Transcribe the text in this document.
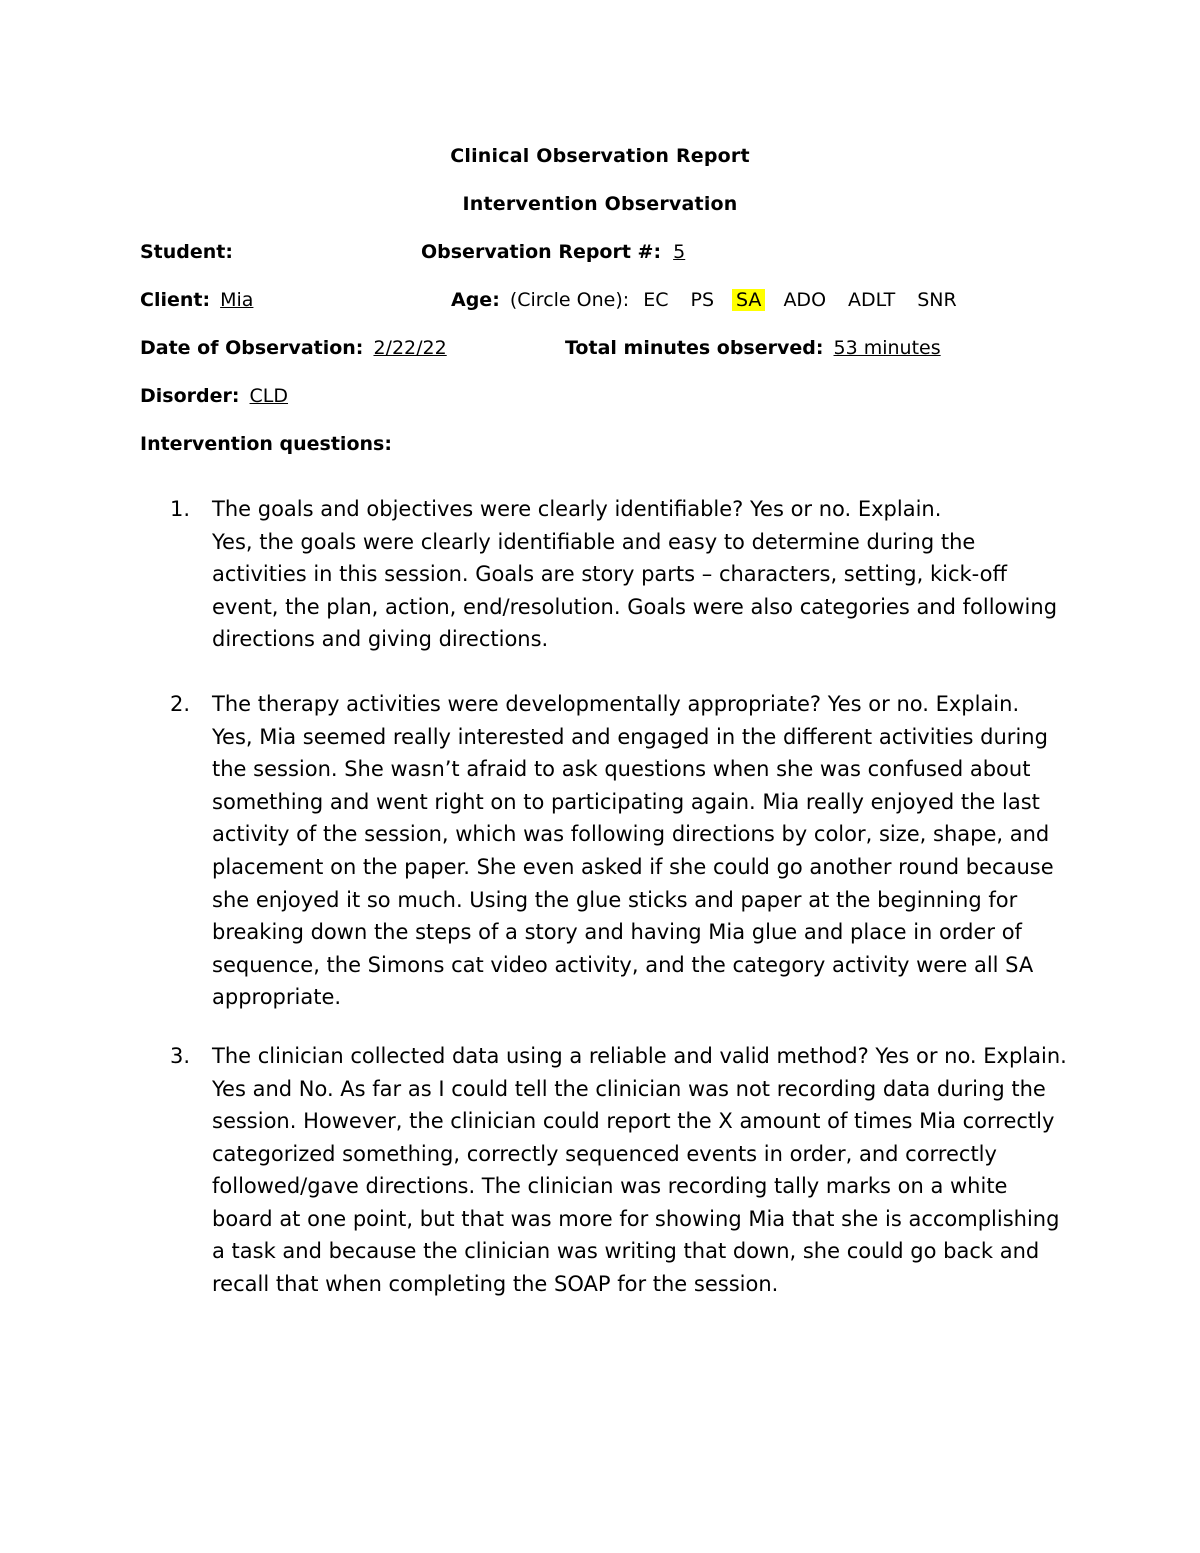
Clinical Observation Report
Intervention Observation
Student:	Observation Report #: 5
Client: Mia	Age: (Circle One): EC PS SA ADO ADLT SNR
Date of Observation: 2/22/22	Total minutes observed: 53 minutes
Disorder: CLD
Intervention questions:
1. The goals and objectives were clearly identifiable? Yes or no. Explain.
Yes, the goals were clearly identifiable and easy to determine during the activities in this session. Goals are story parts – characters, setting, kick-off event, the plan, action, end/resolution. Goals were also categories and following directions and giving directions.
2. The therapy activities were developmentally appropriate? Yes or no. Explain.
Yes, Mia seemed really interested and engaged in the different activities during the session. She wasn’t afraid to ask questions when she was confused about something and went right on to participating again. Mia really enjoyed the last activity of the session, which was following directions by color, size, shape, and placement on the paper. She even asked if she could go another round because she enjoyed it so much. Using the glue sticks and paper at the beginning for breaking down the steps of a story and having Mia glue and place in order of sequence, the Simons cat video activity, and the category activity were all SA appropriate.
3. The clinician collected data using a reliable and valid method? Yes or no. Explain.
Yes and No. As far as I could tell the clinician was not recording data during the session. However, the clinician could report the X amount of times Mia correctly categorized something, correctly sequenced events in order, and correctly followed/gave directions. The clinician was recording tally marks on a white board at one point, but that was more for showing Mia that she is accomplishing a task and because the clinician was writing that down, she could go back and recall that when completing the SOAP for the session.
